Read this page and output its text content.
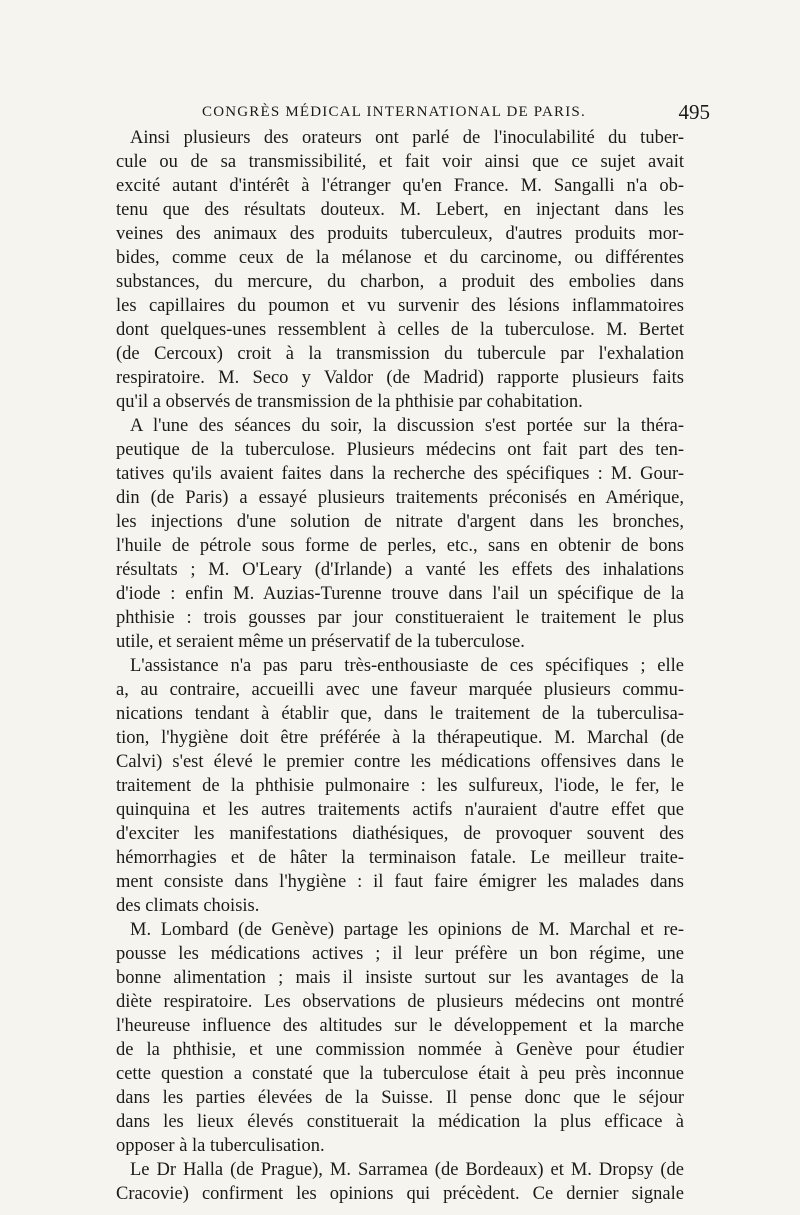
CONGRÈS MÉDICAL INTERNATIONAL DE PARIS.	495
Ainsi plusieurs des orateurs ont parlé de l'inoculabilité du tuber-
cule ou de sa transmissibilité, et fait voir ainsi que ce sujet avait
excité autant d'intérêt à l'étranger qu'en France. M. Sangalli n'a ob-
tenu que des résultats douteux. M. Lebert, en injectant dans les
veines des animaux des produits tuberculeux, d'autres produits mor-
bides, comme ceux de la mélanose et du carcinome, ou différentes
substances, du mercure, du charbon, a produit des embolies dans
les capillaires du poumon et vu survenir des lésions inflammatoires
dont quelques-unes ressemblent à celles de la tuberculose. M. Bertet
(de Cercoux) croit à la transmission du tubercule par l'exhalation
respiratoire. M. Seco y Valdor (de Madrid) rapporte plusieurs faits
qu'il a observés de transmission de la phthisie par cohabitation.
A l'une des séances du soir, la discussion s'est portée sur la théra-
peutique de la tuberculose. Plusieurs médecins ont fait part des ten-
tatives qu'ils avaient faites dans la recherche des spécifiques : M. Gour-
din (de Paris) a essayé plusieurs traitements préconisés en Amérique,
les injections d'une solution de nitrate d'argent dans les bronches,
l'huile de pétrole sous forme de perles, etc., sans en obtenir de bons
résultats ; M. O'Leary (d'Irlande) a vanté les effets des inhalations
d'iode : enfin M. Auzias-Turenne trouve dans l'ail un spécifique de la
phthisie : trois gousses par jour constitueraient le traitement le plus
utile, et seraient même un préservatif de la tuberculose.
L'assistance n'a pas paru très-enthousiaste de ces spécifiques ; elle
a, au contraire, accueilli avec une faveur marquée plusieurs commu-
nications tendant à établir que, dans le traitement de la tuberculisa-
tion, l'hygiène doit être préférée à la thérapeutique. M. Marchal (de
Calvi) s'est élevé le premier contre les médications offensives dans le
traitement de la phthisie pulmonaire : les sulfureux, l'iode, le fer, le
quinquina et les autres traitements actifs n'auraient d'autre effet que
d'exciter les manifestations diathésiques, de provoquer souvent des
hémorrhagies et de hâter la terminaison fatale. Le meilleur traite-
ment consiste dans l'hygiène : il faut faire émigrer les malades dans
des climats choisis.
M. Lombard (de Genève) partage les opinions de M. Marchal et re-
pousse les médications actives ; il leur préfère un bon régime, une
bonne alimentation ; mais il insiste surtout sur les avantages de la
diète respiratoire. Les observations de plusieurs médecins ont montré
l'heureuse influence des altitudes sur le développement et la marche
de la phthisie, et une commission nommée à Genève pour étudier
cette question a constaté que la tuberculose était à peu près inconnue
dans les parties élevées de la Suisse. Il pense donc que le séjour
dans les lieux élevés constituerait la médication la plus efficace à
opposer à la tuberculisation.
Le Dr Halla (de Prague), M. Sarramea (de Bordeaux) et M. Dropsy (de
Cracovie) confirment les opinions qui précèdent. Ce dernier signale
